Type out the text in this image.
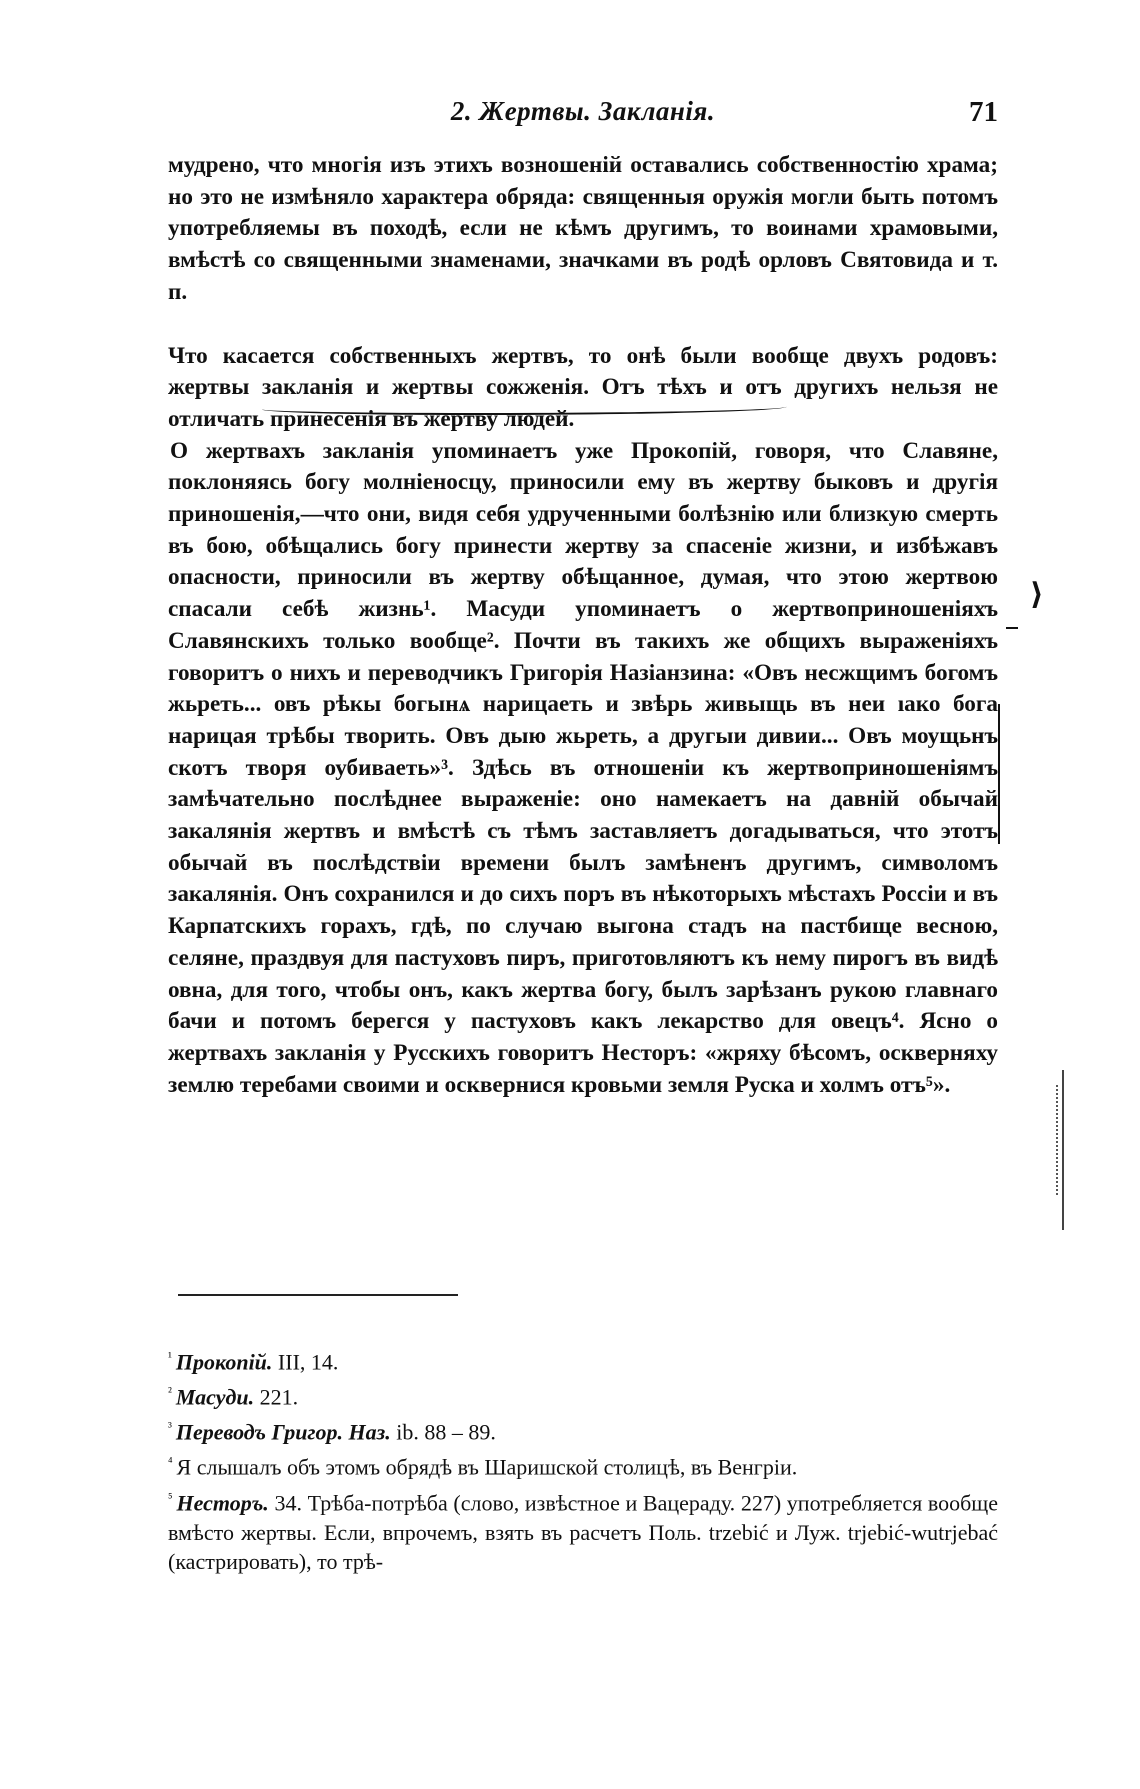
2. Жертвы. Закланія.	71

мудрено, что многія изъ этихъ возношеній оставались собственностію храма; но это не измѣняло характера обряда: священныя оружія могли быть потомъ употребляемы въ походѣ, если не кѣмъ другимъ, то воинами храмовыми, вмѣстѣ со священными знаменами, значками въ родѣ орловъ Святовида и т. п.

Что касается собственныхъ жертвъ, то онѣ были вообще двухъ родовъ: жертвы закланія и жертвы сожженія. Отъ тѣхъ и отъ другихъ нельзя не отличать принесенія въ жертву людей.

О жертвахъ закланія упоминаетъ уже Прокопій, говоря, что Славяне, поклоняясь богу молніеносцу, приносили ему въ жертву быковъ и другія приношенія,—что они, видя себя удрученными болѣзнію или близкую смерть въ бою, обѣщались богу принести жертву за спасеніе жизни, и избѣжавъ опасности, приносили въ жертву обѣщанное, думая, что этою жертвою спасали себѣ жизнь¹. Масуди упоминаетъ о жертвоприношеніяхъ Славянскихъ только вообще². Почти въ такихъ же общихъ выраженіяхъ говоритъ о нихъ и переводчикъ Григорія Назіанзина: «Овъ несжщимъ богомъ жьреть... овъ рѣкы богынѧ нарицаеть и звѣрь живыщь въ неи ıако бога нарицая трѣбы творить. Овъ дыю жьреть, а другыи дивии... Овъ моущьнъ скотъ творя оубиваеть»³. Здѣсь въ отношеніи къ жертвоприношеніямъ замѣчательно послѣднее выраженіе: оно намекаетъ на давній обычай закалянія жертвъ и вмѣстѣ съ тѣмъ заставляетъ догадываться, что этотъ обычай въ послѣдствіи времени былъ замѣненъ другимъ, символомъ закалянія. Онъ сохранился и до сихъ поръ въ нѣкоторыхъ мѣстахъ Россіи и въ Карпатскихъ горахъ, гдѣ, по случаю выгона стадъ на пастбище весною, селяне, праздвуя для пастуховъ пиръ, приготовляютъ къ нему пирогъ въ видѣ овна, для того, чтобы онъ, какъ жертва богу, былъ зарѣзанъ рукою главнаго бачи и потомъ берегся у пастуховъ какъ лекарство для овецъ⁴. Ясно о жертвахъ закланія у Русскихъ говоритъ Несторъ: «жряху бѣсомъ, оскверняху землю теребами своими и осквернися кровьми земля Руска и холмъ отъ⁵».

⟩

$^{^1}$ Прокопій. III, 14.

$^{^2}$ Масуди. 221.

$^{^3}$ Переводъ Григор. Наз. ib. 88 – 89.

$^{^4}$ Я слышалъ объ этомъ обрядѣ въ Шаришской столицѣ, въ Венгріи.

$^{^5}$ Несторъ. 34. Трѣба-потрѣба (слово, извѣстное и Вацераду. 227) употребляется вообще вмѣсто жертвы. Если, впрочемъ, взять въ расчетъ Поль. trzebić и Луж. trjebić-wutrjebać (кастрировать), то трѣ-
